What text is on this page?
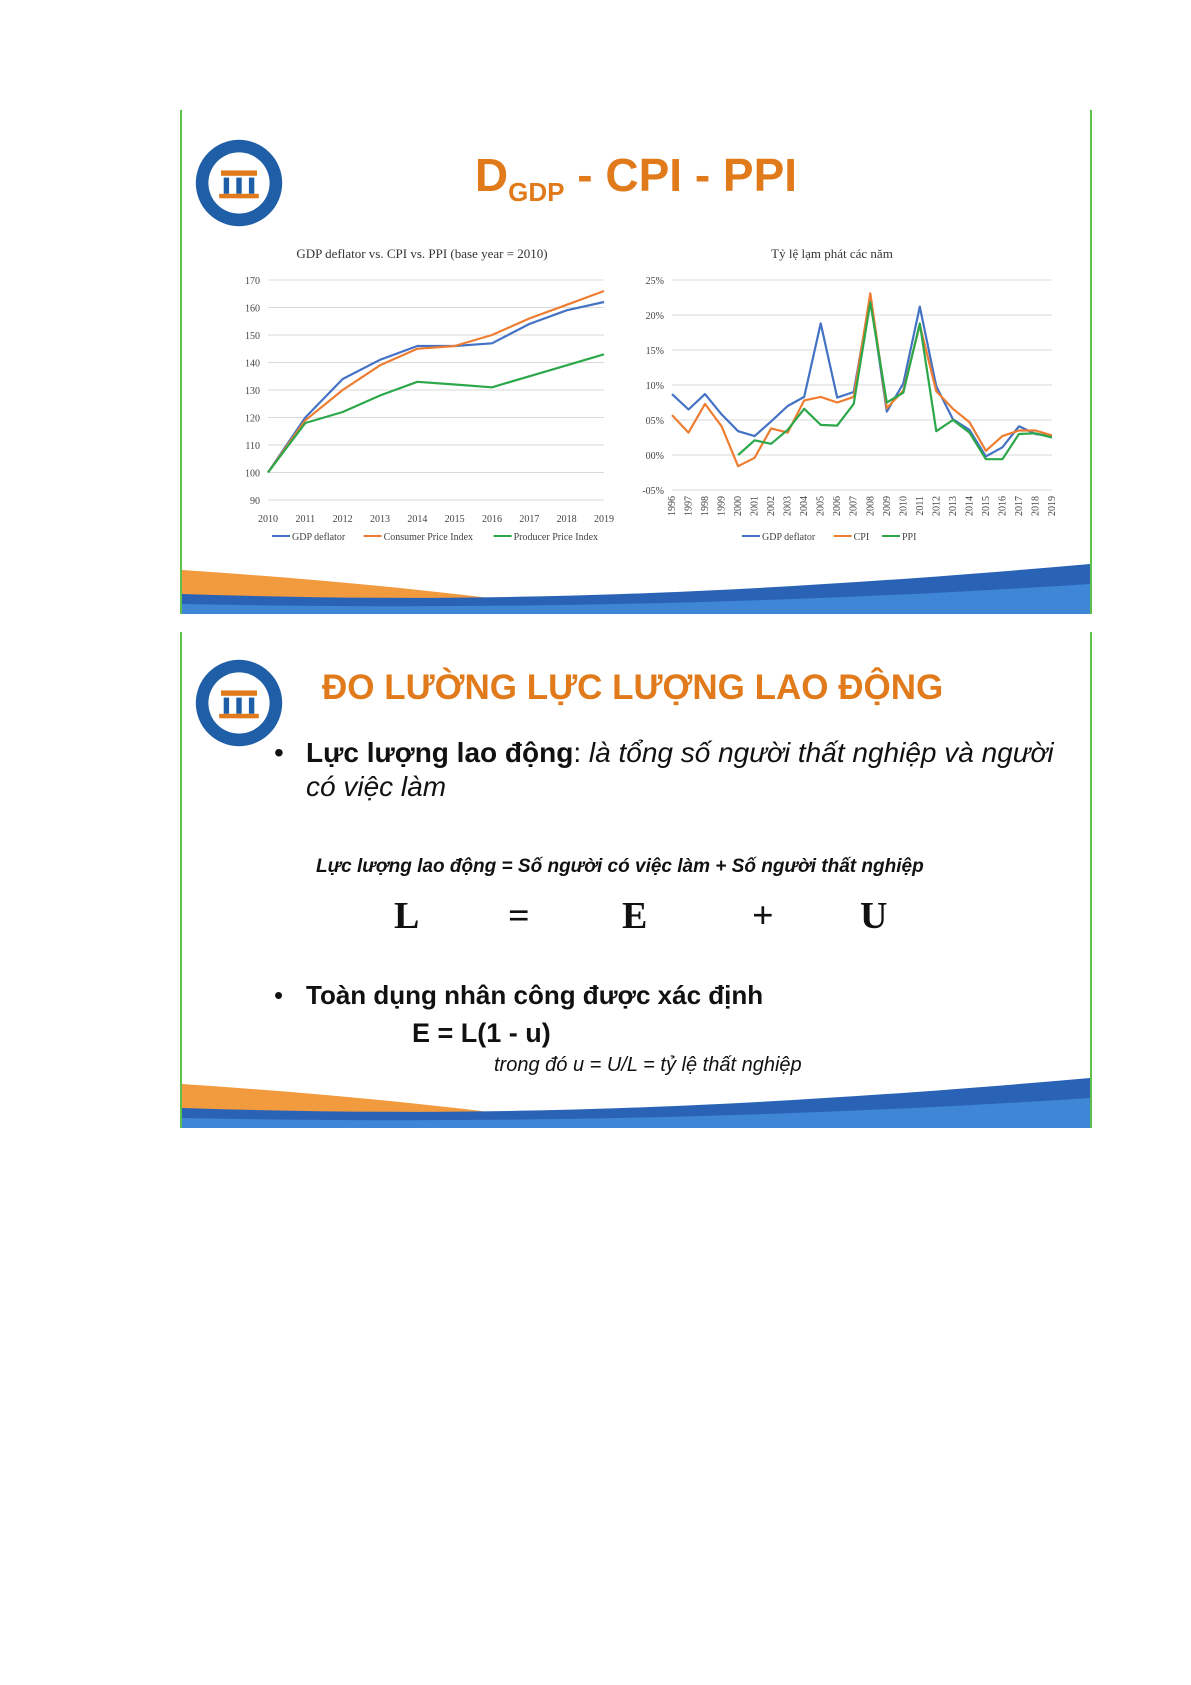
$D_{GDP}$ - CPI - PPI
GDP deflator vs. CPI vs. PPI (base year = 2010)	Tỷ lệ lạm phát các năm
90
100
110
120
130
140
150
160
170
2010 2011 2012 2013 2014 2015 2016 2017 2018 2019
GDP deflator	Consumer Price Index	Producer Price Index
-05%
00%
05%
10%
15%
20%
25%
1996 1997 1998 1999 2000 2001 2002 2003 2004 2005 2006 2007 2008 2009 2010 2011 2012 2013 2014 2015 2016 2017 2018 2019
GDP deflator	CPI	PPI
ĐO LƯỜNG LỰC LƯỢNG LAO ĐỘNG
• Lực lượng lao động: là tổng số người thất nghiệp và người có việc làm
Lực lượng lao động = Số người có việc làm + Số người thất nghiệp
L = E	+ U
• Toàn dụng nhân công được xác định
E = L(1 - u)
trong đó u = U/L = tỷ lệ thất nghiệp
